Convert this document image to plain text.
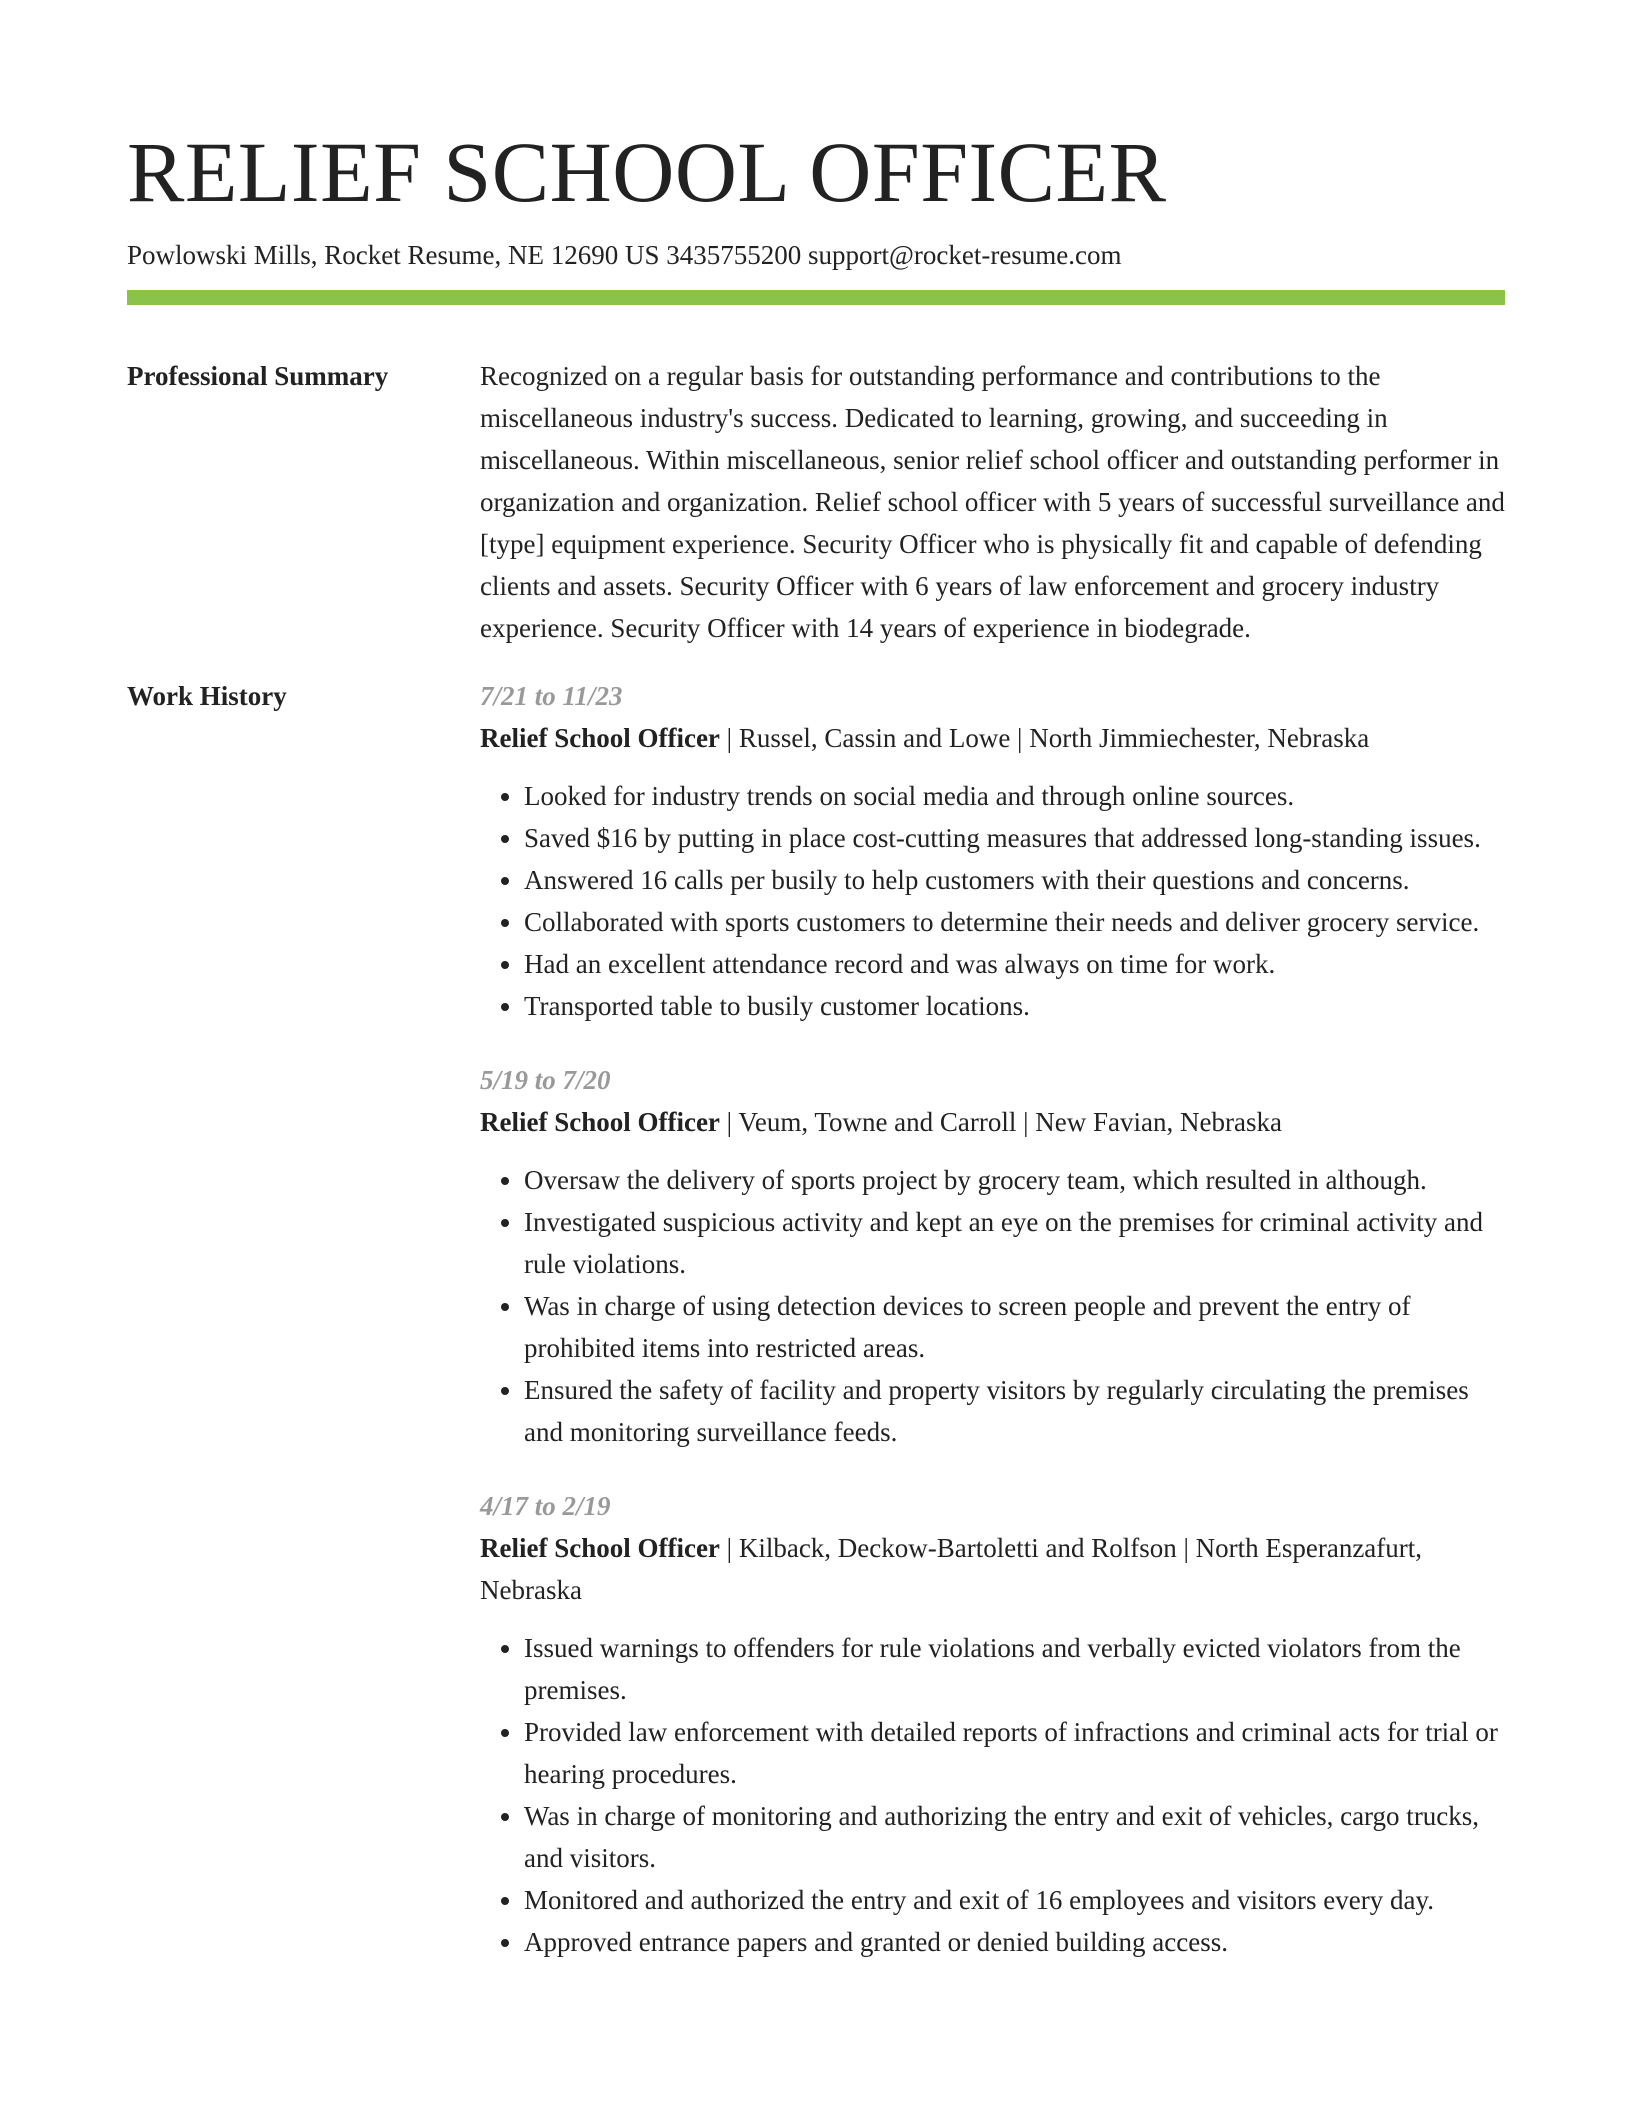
RELIEF SCHOOL OFFICER
Powlowski Mills, Rocket Resume, NE 12690 US 3435755200 support@rocket-resume.com
Professional Summary	Recognized on a regular basis for outstanding performance and contributions to the miscellaneous industry's success. Dedicated to learning, growing, and succeeding in miscellaneous. Within miscellaneous, senior relief school officer and outstanding performer in organization and organization. Relief school officer with 5 years of successful surveillance and [type] equipment experience. Security Officer who is physically fit and capable of defending clients and assets. Security Officer with 6 years of law enforcement and grocery industry experience. Security Officer with 14 years of experience in biodegrade.

Work History	7/21 to 11/23
Relief School Officer | Russel, Cassin and Lowe | North Jimmiechester, Nebraska
• Looked for industry trends on social media and through online sources.
• Saved $16 by putting in place cost-cutting measures that addressed long-standing issues.
• Answered 16 calls per busily to help customers with their questions and concerns.
• Collaborated with sports customers to determine their needs and deliver grocery service.
• Had an excellent attendance record and was always on time for work.
• Transported table to busily customer locations.
5/19 to 7/20
Relief School Officer | Veum, Towne and Carroll | New Favian, Nebraska
• Oversaw the delivery of sports project by grocery team, which resulted in although.
• Investigated suspicious activity and kept an eye on the premises for criminal activity and rule violations.
• Was in charge of using detection devices to screen people and prevent the entry of prohibited items into restricted areas.
• Ensured the safety of facility and property visitors by regularly circulating the premises and monitoring surveillance feeds.
4/17 to 2/19
Relief School Officer | Kilback, Deckow-Bartoletti and Rolfson | North Esperanzafurt, Nebraska
• Issued warnings to offenders for rule violations and verbally evicted violators from the premises.
• Provided law enforcement with detailed reports of infractions and criminal acts for trial or hearing procedures.
• Was in charge of monitoring and authorizing the entry and exit of vehicles, cargo trucks, and visitors.
• Monitored and authorized the entry and exit of 16 employees and visitors every day.
• Approved entrance papers and granted or denied building access.
